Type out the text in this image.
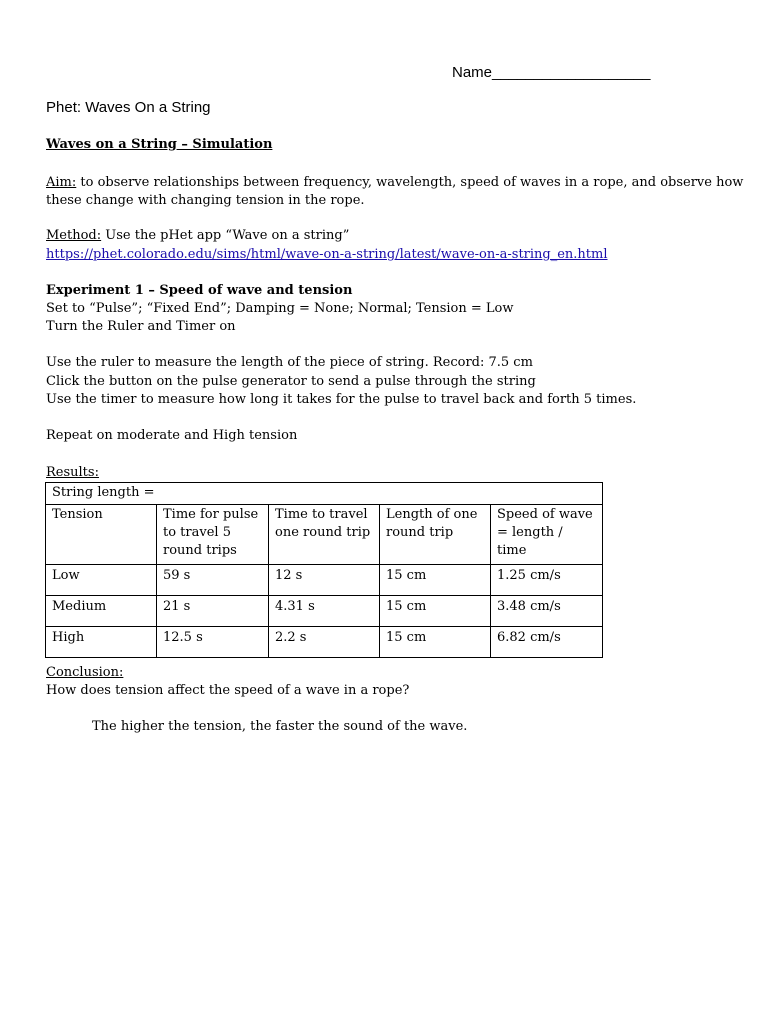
Name___________________
Phet: Waves On a String
Waves on a String – Simulation
Aim: to observe relationships between frequency, wavelength, speed of waves in a rope, and observe how these change with changing tension in the rope.
Method: Use the pHet app “Wave on a string”
https://phet.colorado.edu/sims/html/wave-on-a-string/latest/wave-on-a-string_en.html
Experiment 1 – Speed of wave and tension
Set to “Pulse”; “Fixed End”; Damping = None; Normal; Tension = Low
Turn the Ruler and Timer on
Use the ruler to measure the length of the piece of string. Record: 7.5 cm
Click the button on the pulse generator to send a pulse through the string
Use the timer to measure how long it takes for the pulse to travel back and forth 5 times.
Repeat on moderate and High tension
Results:
String length =				
Tension	Time for pulse to travel 5 round trips	Time to travel one round trip	Length of one round trip	Speed of wave = length / time
Low	59 s	12 s	15 cm	1.25 cm/s
Medium	21 s	4.31 s	15 cm	3.48 cm/s
High	12.5 s	2.2 s	15 cm	6.82 cm/s
Conclusion:
How does tension affect the speed of a wave in a rope?
The higher the tension, the faster the sound of the wave.
